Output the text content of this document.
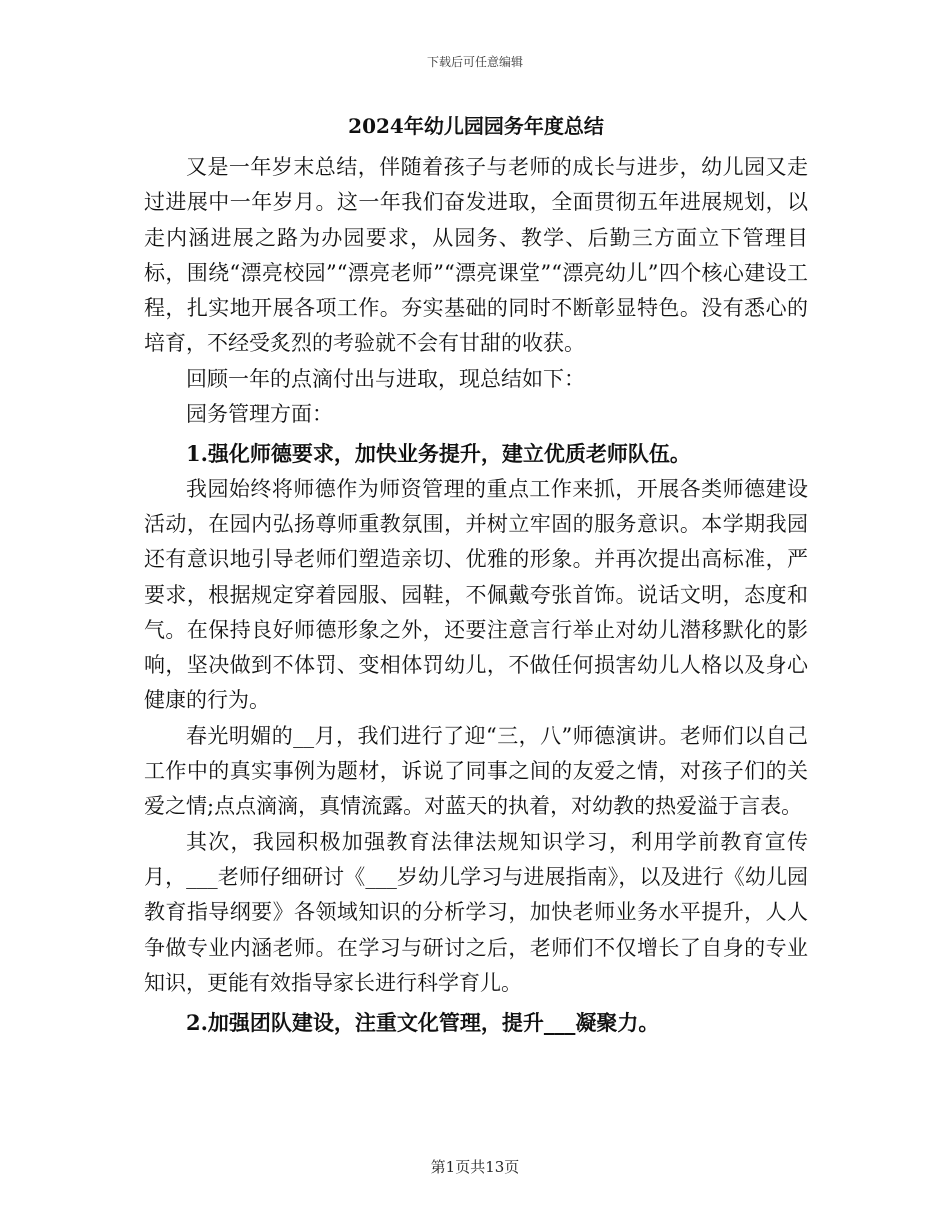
下载后可任意编辑
2024年幼儿园园务年度总结

又是一年岁末总结，伴随着孩子与老师的成长与进步，幼儿园又走过进展中一年岁月。这一年我们奋发进取，全面贯彻五年进展规划，以走内涵进展之路为办园要求，从园务、教学、后勤三方面立下管理目标，围绕“漂亮校园”“漂亮老师”“漂亮课堂”“漂亮幼儿”四个核心建设工程，扎实地开展各项工作。夯实基础的同时不断彰显特色。没有悉心的培育，不经受炙烈的考验就不会有甘甜的收获。

回顾一年的点滴付出与进取，现总结如下：

园务管理方面：

1.强化师德要求，加快业务提升，建立优质老师队伍。

我园始终将师德作为师资管理的重点工作来抓，开展各类师德建设活动，在园内弘扬尊师重教氛围，并树立牢固的服务意识。本学期我园还有意识地引导老师们塑造亲切、优雅的形象。并再次提出高标准，严要求，根据规定穿着园服、园鞋，不佩戴夸张首饰。说话文明，态度和气。在保持良好师德形象之外，还要注意言行举止对幼儿潜移默化的影响，坚决做到不体罚、变相体罚幼儿，不做任何损害幼儿人格以及身心健康的行为。

春光明媚的__月，我们进行了迎“三，八”师德演讲。老师们以自己工作中的真实事例为题材，诉说了同事之间的友爱之情，对孩子们的关爱之情;点点滴滴，真情流露。对蓝天的执着，对幼教的热爱溢于言表。

其次，我园积极加强教育法律法规知识学习，利用学前教育宣传月，___老师仔细研讨《___岁幼儿学习与进展指南》，以及进行《幼儿园教育指导纲要》各领域知识的分析学习，加快老师业务水平提升，人人争做专业内涵老师。在学习与研讨之后，老师们不仅增长了自身的专业知识，更能有效指导家长进行科学育儿。

2.加强团队建设，注重文化管理，提升___凝聚力。

第1页共13页
